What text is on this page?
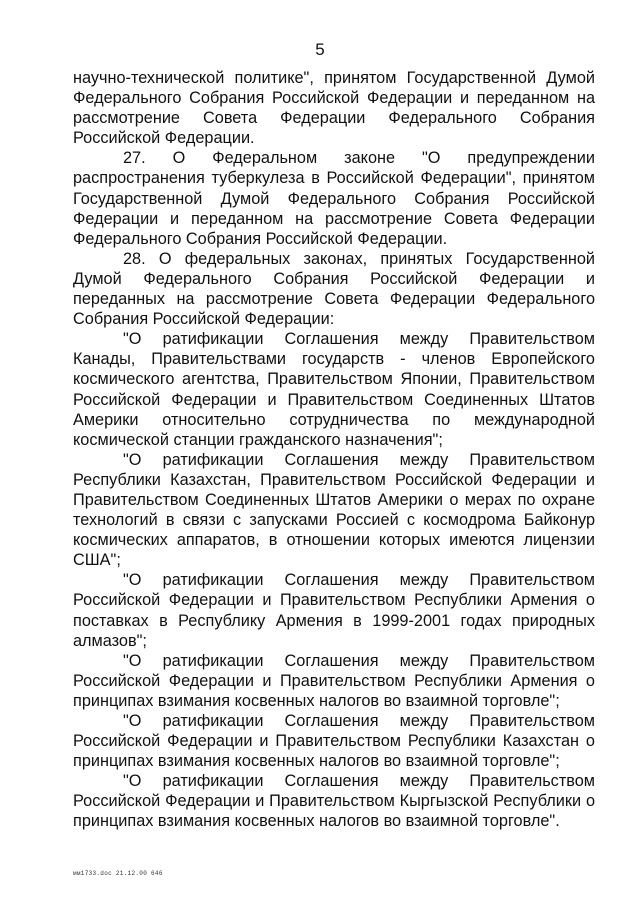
5

научно-технической политике", принятом Государственной Думой Федерального Собрания Российской Федерации и переданном на рассмотрение Совета Федерации Федерального Собрания Российской Федерации.

27. О Федеральном законе "О предупреждении распространения туберкулеза в Российской Федерации", принятом Государственной Думой Федерального Собрания Российской Федерации и переданном на рассмотрение Совета Федерации Федерального Собрания Российской Федерации.

28. О федеральных законах, принятых Государственной Думой Федерального Собрания Российской Федерации и переданных на рассмотрение Совета Федерации Федерального Собрания Российской Федерации:

"О ратификации Соглашения между Правительством Канады, Правительствами государств - членов Европейского космического агентства, Правительством Японии, Правительством Российской Федерации и Правительством Соединенных Штатов Америки относительно сотрудничества по международной космической станции гражданского назначения";

"О ратификации Соглашения между Правительством Республики Казахстан, Правительством Российской Федерации и Правительством Соединенных Штатов Америки о мерах по охране технологий в связи с запусками Россией с космодрома Байконур космических аппаратов, в отношении которых имеются лицензии США";

"О ратификации Соглашения между Правительством Российской Федерации и Правительством Республики Армения о поставках в Республику Армения в 1999-2001 годах природных алмазов";

"О ратификации Соглашения между Правительством Российской Федерации и Правительством Республики Армения о принципах взимания косвенных налогов во взаимной торговле";

"О ратификации Соглашения между Правительством Российской Федерации и Правительством Республики Казахстан о принципах взимания косвенных налогов во взаимной торговле";

"О ратификации Соглашения между Правительством Российской Федерации и Правительством Кыргызской Республики о принципах взимания косвенных налогов во взаимной торговле".

мм1733.doc 21.12.00 646
